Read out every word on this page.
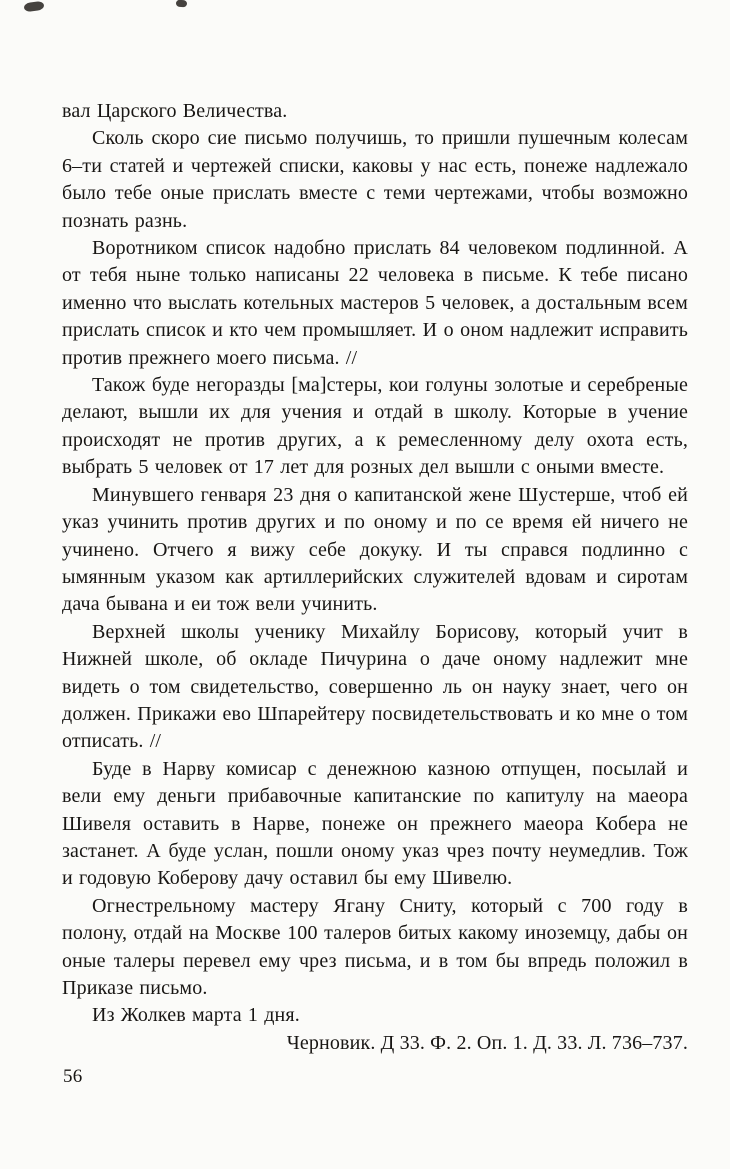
вал Царского Величества.

Сколь скоро сие письмо получишь, то пришли пушечным колесам 6–ти статей и чертежей списки, каковы у нас есть, понеже надлежало было тебе оные прислать вместе с теми чертежами, чтобы возможно познать разнь.

Воротником список надобно прислать 84 человеком подлинной. А от тебя ныне только написаны 22 человека в письме. К тебе писано именно что выслать котельных мастеров 5 человек, а достальным всем прислать список и кто чем промышляет. И о оном надлежит исправить против прежнего моего письма. //

Також буде негоразды [ма]стеры, кои голуны золотые и серебреные делают, вышли их для учения и отдай в школу. Которые в учение происходят не против других, а к ремесленному делу охота есть, выбрать 5 человек от 17 лет для розных дел вышли с оными вместе.

Минувшего генваря 23 дня о капитанской жене Шустерше, чтоб ей указ учинить против других и по оному и по се время ей ничего не учинено. Отчего я вижу себе докуку. И ты справся подлинно с ымянным указом как артиллерийских служителей вдовам и сиротам дача бывана и еи тож вели учинить.

Верхней школы ученику Михайлу Борисову, который учит в Нижней школе, об окладе Пичурина о даче оному надлежит мне видеть о том свидетельство, совершенно ль он науку знает, чего он должен. Прикажи ево Шпарейтеру посвидетельствовать и ко мне о том отписать. //

Буде в Нарву комисар с денежною казною отпущен, посылай и вели ему деньги прибавочные капитанские по капитулу на маеора Шивеля оставить в Нарве, понеже он прежнего маеора Кобера не застанет. А буде услан, пошли оному указ чрез почту неумедлив. Тож и годовую Коберову дачу оставил бы ему Шивелю.

Огнестрельному мастеру Ягану Сниту, который с 700 году в полону, отдай на Москве 100 талеров битых какому иноземцу, дабы он оные талеры перевел ему чрез письма, и в том бы впредь положил в Приказе письмо.

Из Жолкев марта 1 дня.

Черновик. Д 33. Ф. 2. Оп. 1. Д. 33. Л. 736–737.

56
